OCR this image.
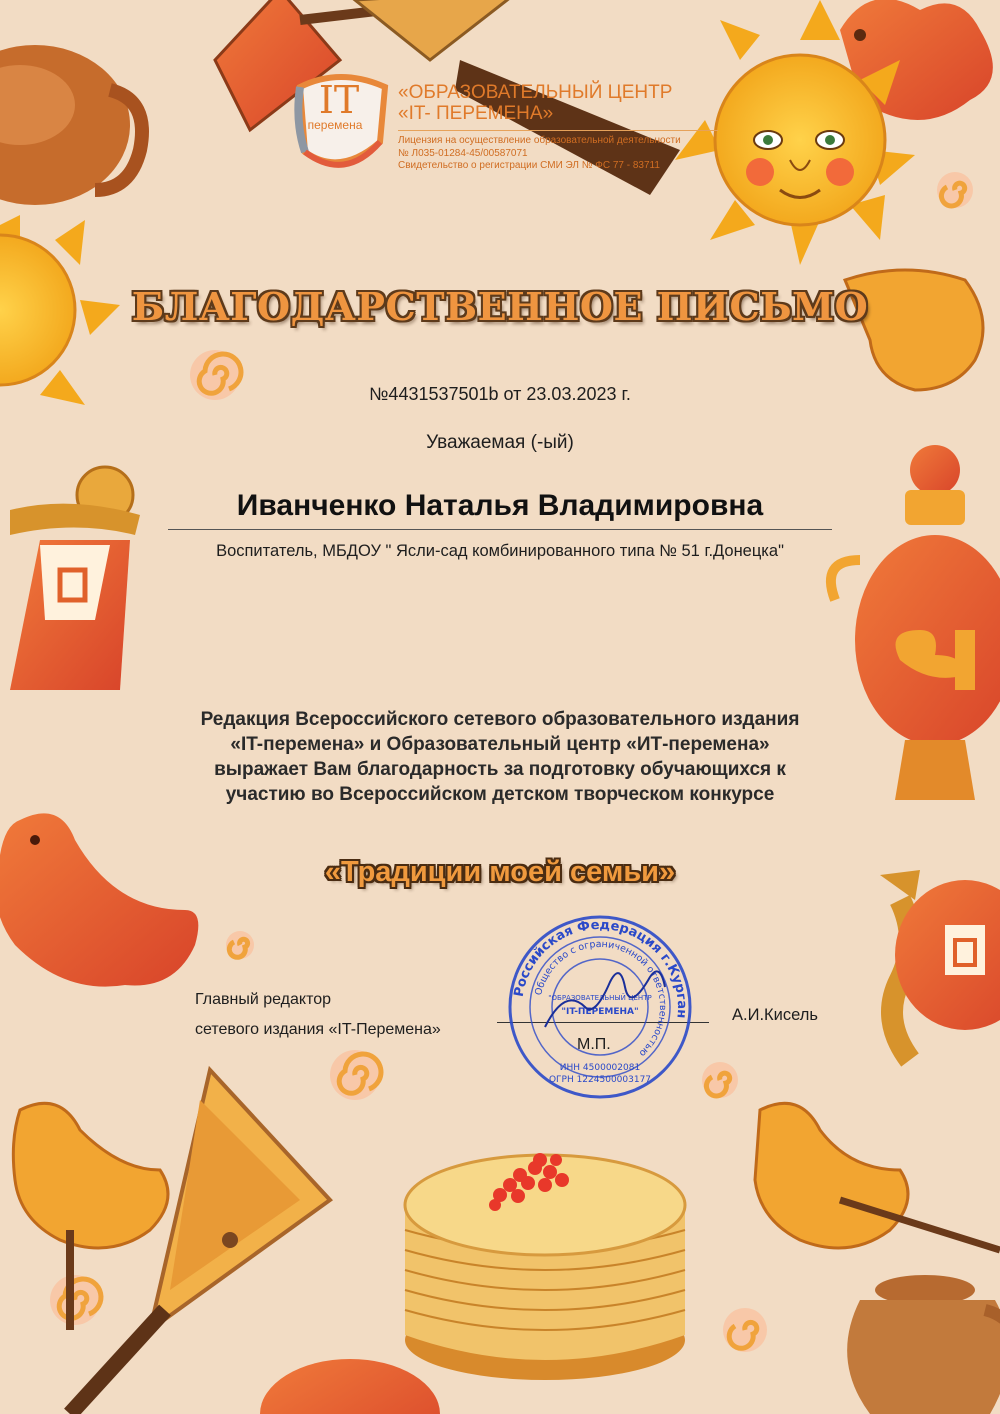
IT
перемена
«ОБРАЗОВАТЕЛЬНЫЙ ЦЕНТР
«IT- ПЕРЕМЕНА»
Лицензия на осуществление образовательной деятельности
№ Л035-01284-45/00587071
Свидетельство о регистрации СМИ ЭЛ № ФС 77 - 83711
БЛАГОДАРСТВЕННОЕ ПИСЬМО
№4431537501b от 23.03.2023 г.
Уважаемая (-ый)
Иванченко Наталья Владимировна
Воспитатель, МБДОУ " Ясли-сад комбинированного типа № 51 г.Донецка"
Редакция Всероссийского сетевого образовательного издания
«IT-перемена» и Образовательный центр «ИТ-перемена»
выражает Вам благодарность за подготовку обучающихся к
участию во Всероссийском детском творческом конкурсе
«Традиции моей семьи»
Главный редактор
сетевого издания «IT-Перемена»
Российская Федерация г.Курган
Общество с ограниченной ответственностью
"ОБРАЗОВАТЕЛЬНЫЙ ЦЕНТР
"IT-ПЕРЕМЕНА"
ИНН 4500002081
ОГРН 1224500003177
М.П.
А.И.Кисель
